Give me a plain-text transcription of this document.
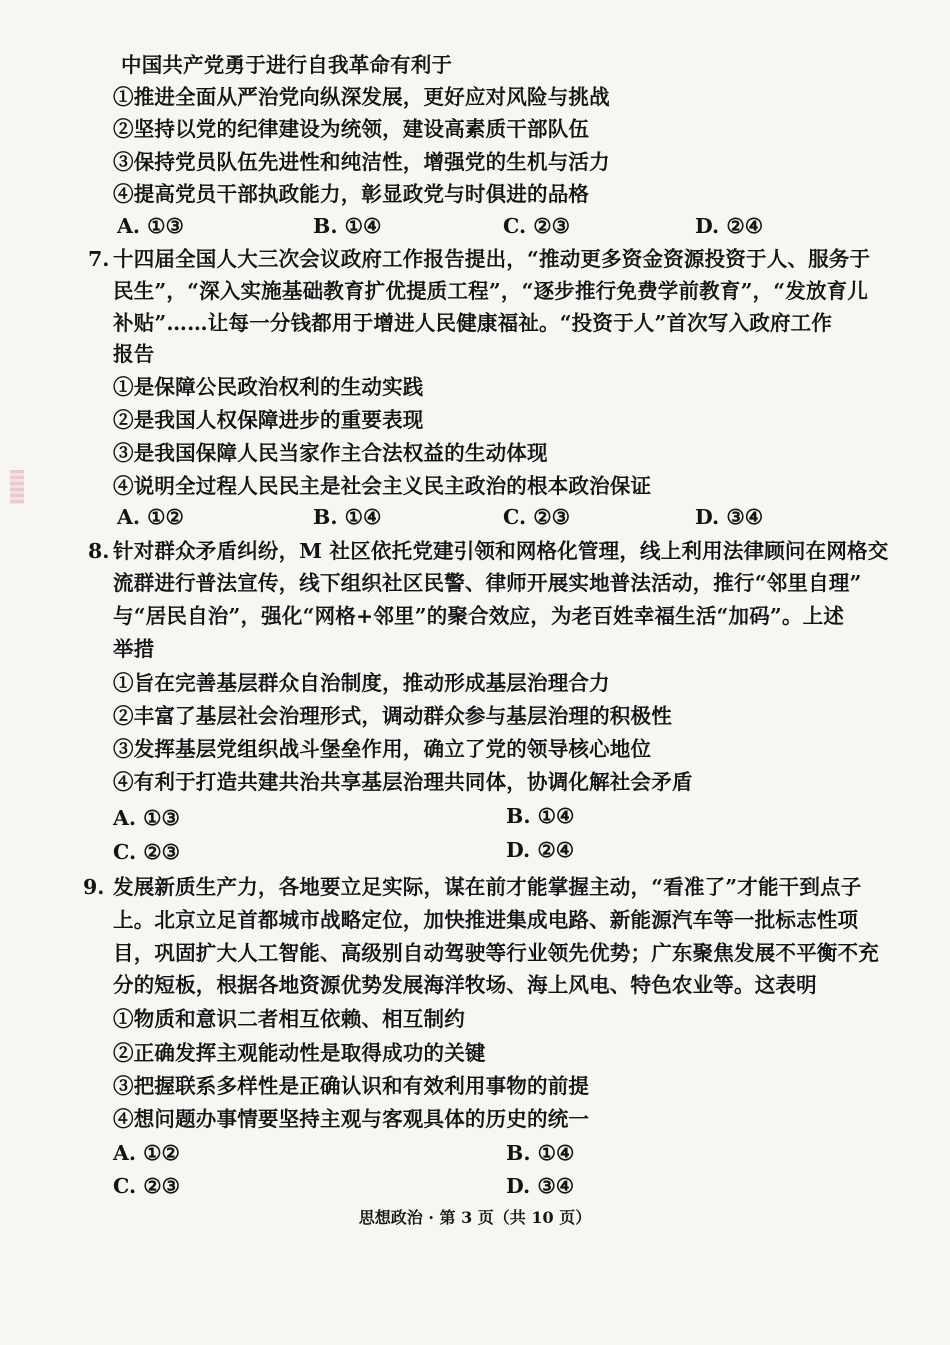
中国共产党勇于进行自我革命有利于
①推进全面从严治党向纵深发展，更好应对风险与挑战
②坚持以党的纪律建设为统领，建设高素质干部队伍
③保持党员队伍先进性和纯洁性，增强党的生机与活力
④提高党员干部执政能力，彰显政党与时俱进的品格
A. ①③	B. ①④	C. ②③	D. ②④
7. 十四届全国人大三次会议政府工作报告提出，“推动更多资金资源投资于人、服务于
民生”，“深入实施基础教育扩优提质工程”，“逐步推行免费学前教育”，“发放育儿
补贴”……让每一分钱都用于增进人民健康福祉。“投资于人”首次写入政府工作
报告
①是保障公民政治权利的生动实践
②是我国人权保障进步的重要表现
③是我国保障人民当家作主合法权益的生动体现
④说明全过程人民民主是社会主义民主政治的根本政治保证
A. ①②	B. ①④	C. ②③	D. ③④
8. 针对群众矛盾纠纷，M 社区依托党建引领和网格化管理，线上利用法律顾问在网格交
流群进行普法宣传，线下组织社区民警、律师开展实地普法活动，推行“邻里自理”
与“居民自治”，强化“网格+邻里”的聚合效应，为老百姓幸福生活“加码”。上述
举措
①旨在完善基层群众自治制度，推动形成基层治理合力
②丰富了基层社会治理形式，调动群众参与基层治理的积极性
③发挥基层党组织战斗堡垒作用，确立了党的领导核心地位
④有利于打造共建共治共享基层治理共同体，协调化解社会矛盾
A. ①③	B. ①④
C. ②③	D. ②④
9. 发展新质生产力，各地要立足实际，谋在前才能掌握主动，“看准了”才能干到点子
上。北京立足首都城市战略定位，加快推进集成电路、新能源汽车等一批标志性项
目，巩固扩大人工智能、高级别自动驾驶等行业领先优势；广东聚焦发展不平衡不充
分的短板，根据各地资源优势发展海洋牧场、海上风电、特色农业等。这表明
①物质和意识二者相互依赖、相互制约
②正确发挥主观能动性是取得成功的关键
③把握联系多样性是正确认识和有效利用事物的前提
④想问题办事情要坚持主观与客观具体的历史的统一
A. ①②	B. ①④
C. ②③	D. ③④
思想政治 · 第 3 页（共 10 页）
